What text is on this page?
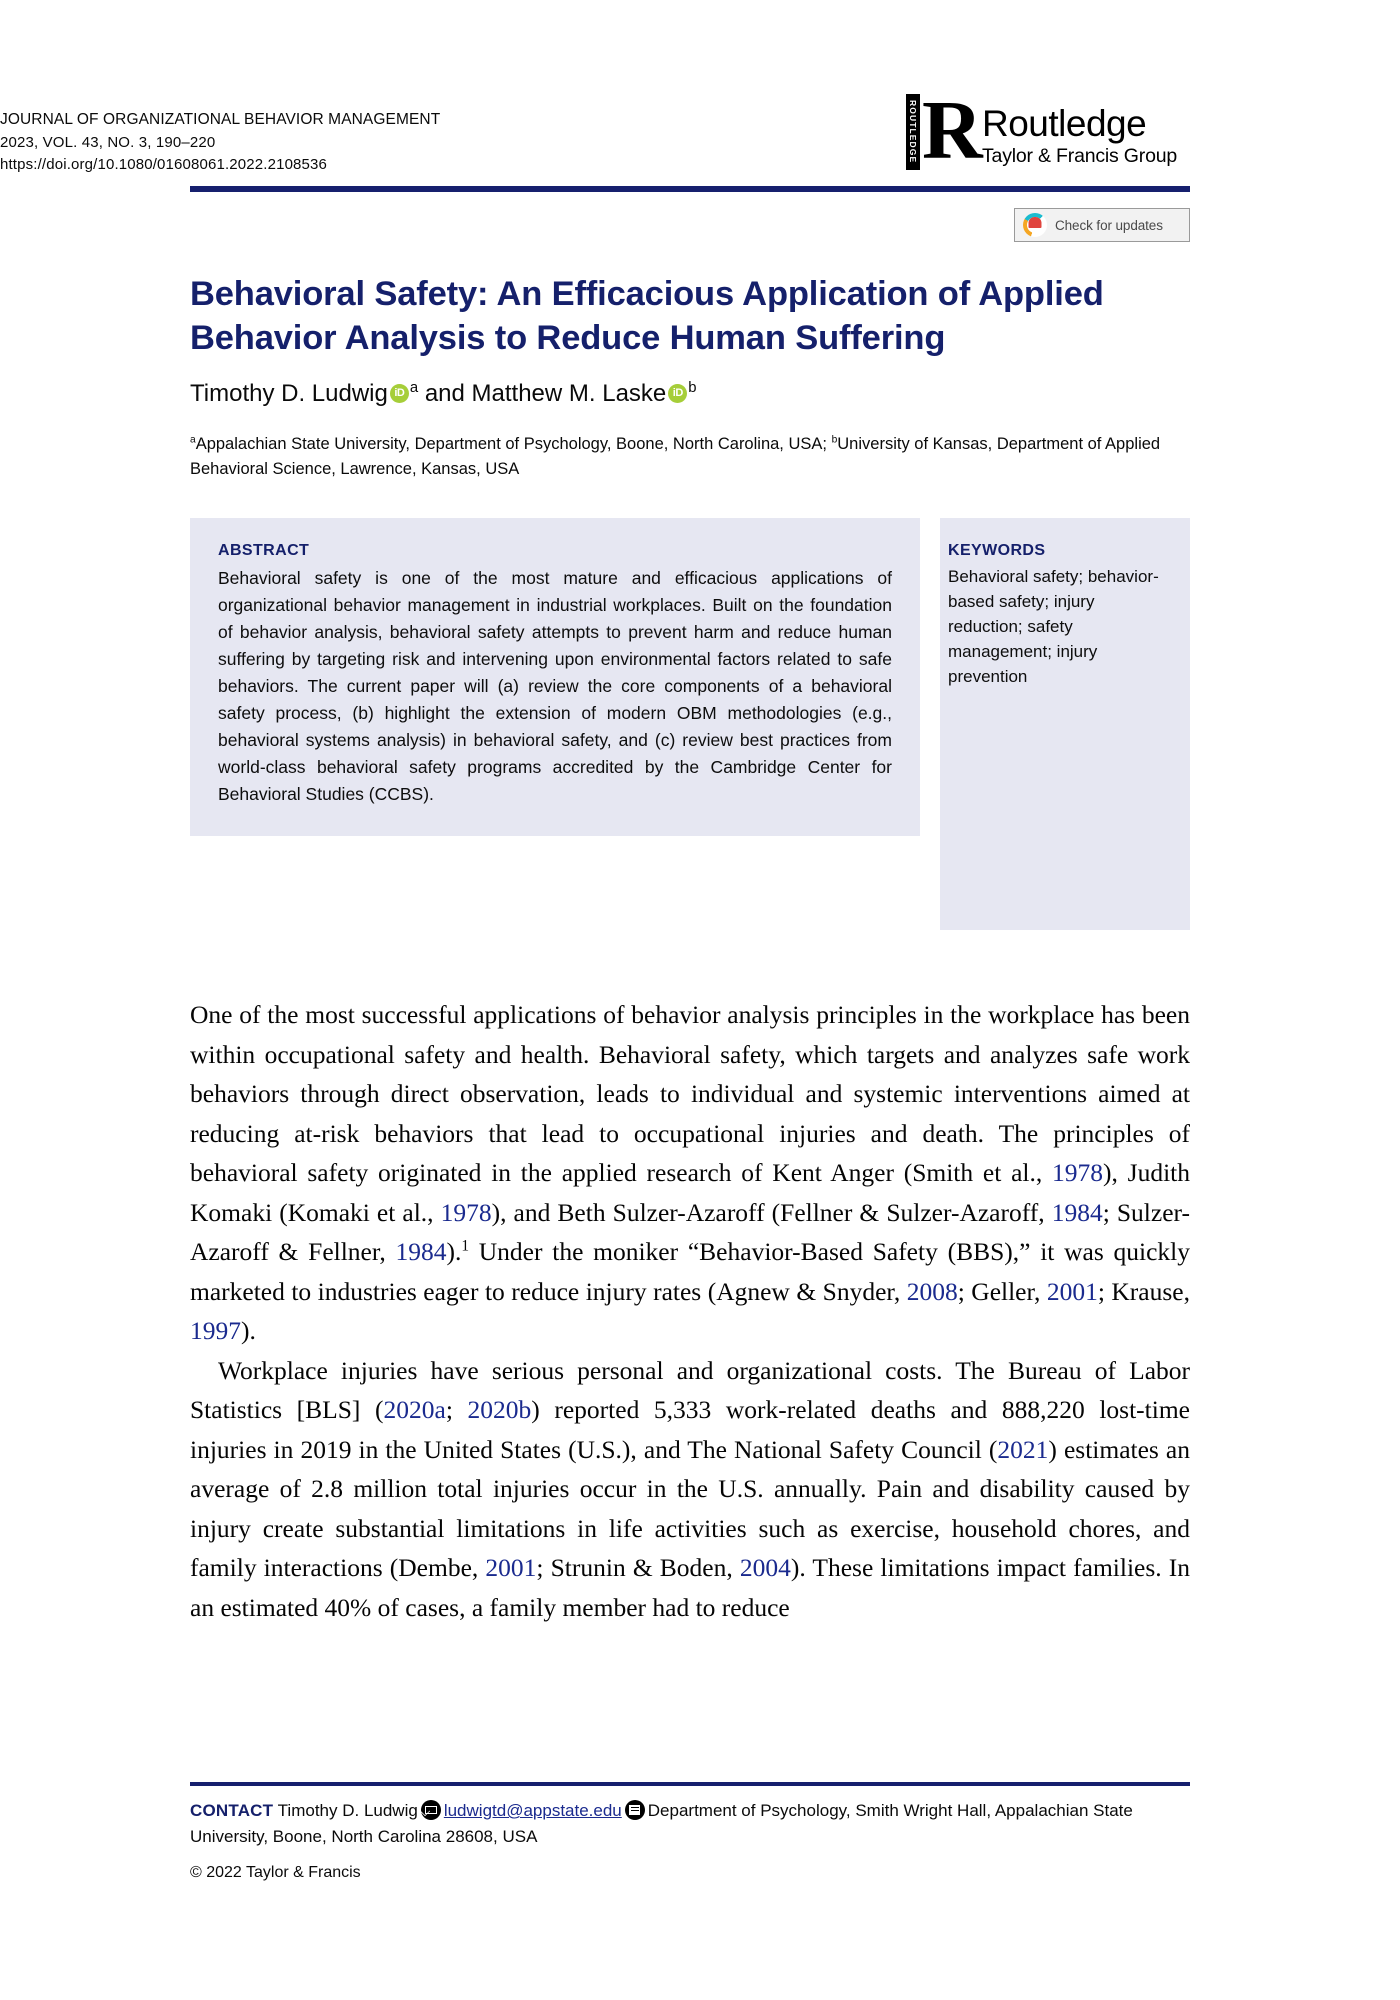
JOURNAL OF ORGANIZATIONAL BEHAVIOR MANAGEMENT
2023, VOL. 43, NO. 3, 190–220
https://doi.org/10.1080/01608061.2022.2108536
ROUTLEDGE R Routledge
Taylor & Francis Group
Check for updates
Behavioral Safety: An Efficacious Application of Applied Behavior Analysis to Reduce Human Suffering
Timothy D. Ludwig iD $^a$ and Matthew M. Laske iD $^b$
$^a$Appalachian State University, Department of Psychology, Boone, North Carolina, USA; $^b$University of Kansas, Department of Applied Behavioral Science, Lawrence, Kansas, USA
ABSTRACT
Behavioral safety is one of the most mature and efficacious applications of organizational behavior management in industrial workplaces. Built on the foundation of behavior analysis, behavioral safety attempts to prevent harm and reduce human suffering by targeting risk and intervening upon environmental factors related to safe behaviors. The current paper will (a) review the core components of a behavioral safety process, (b) highlight the extension of modern OBM methodologies (e.g., behavioral systems analysis) in behavioral safety, and (c) review best practices from world-class behavioral safety programs accredited by the Cambridge Center for Behavioral Studies (CCBS).
KEYWORDS
Behavioral safety; behavior-based safety; injury reduction; safety management; injury prevention

One of the most successful applications of behavior analysis principles in the workplace has been within occupational safety and health. Behavioral safety, which targets and analyzes safe work behaviors through direct observation, leads to individual and systemic interventions aimed at reducing at-risk behaviors that lead to occupational injuries and death. The principles of behavioral safety originated in the applied research of Kent Anger (Smith et al., 1978), Judith Komaki (Komaki et al., 1978), and Beth Sulzer-Azaroff (Fellner & Sulzer-Azaroff, 1984; Sulzer-Azaroff & Fellner, 1984).$^1$ Under the moniker “Behavior-Based Safety (BBS),” it was quickly marketed to industries eager to reduce injury rates (Agnew & Snyder, 2008; Geller, 2001; Krause, 1997).

Workplace injuries have serious personal and organizational costs. The Bureau of Labor Statistics [BLS] (2020a; 2020b) reported 5,333 work-related deaths and 888,220 lost-time injuries in 2019 in the United States (U.S.), and The National Safety Council (2021) estimates an average of 2.8 million total injuries occur in the U.S. annually. Pain and disability caused by injury create substantial limitations in life activities such as exercise, household chores, and family interactions (Dembe, 2001; Strunin & Boden, 2004). These limitations impact families. In an estimated 40% of cases, a family member had to reduce

CONTACT Timothy D. Ludwig ludwigtd@appstate.edu Department of Psychology, Smith Wright Hall, Appalachian State University, Boone, North Carolina 28608, USA
© 2022 Taylor & Francis
